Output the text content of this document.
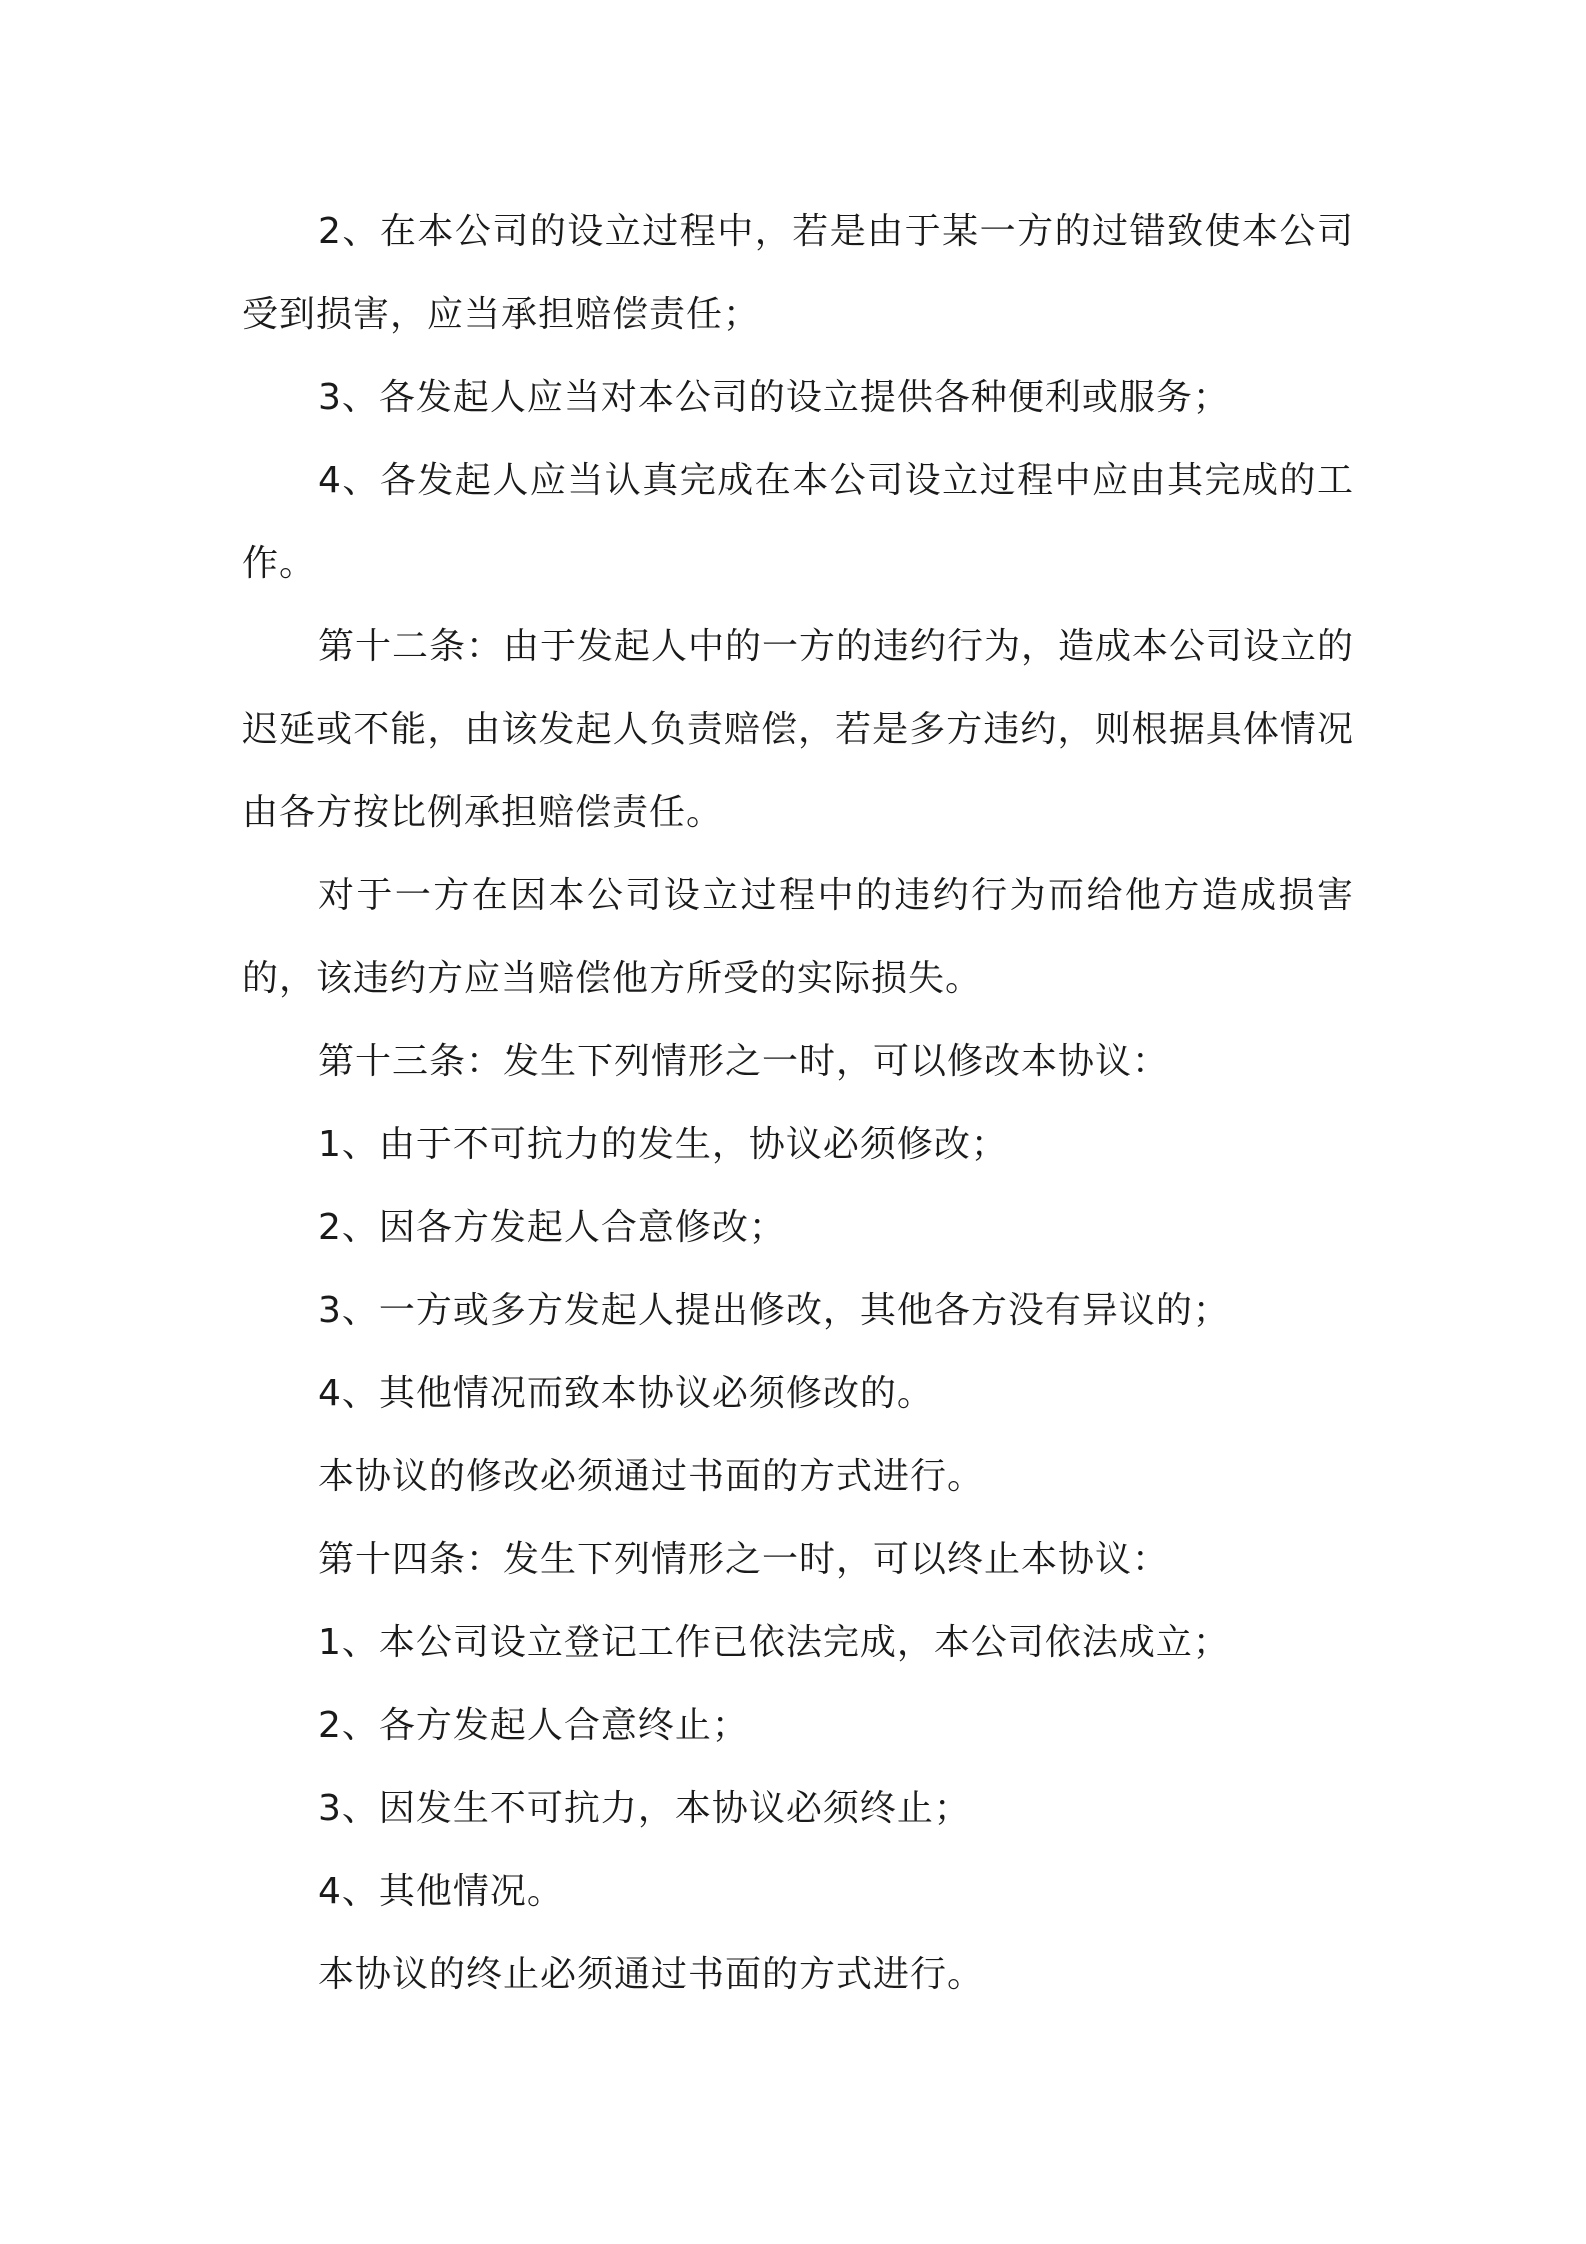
2、在本公司的设立过程中，若是由于某一方的过错致使本公司受到损害，应当承担赔偿责任；

3、各发起人应当对本公司的设立提供各种便利或服务；

4、各发起人应当认真完成在本公司设立过程中应由其完成的工作。

第十二条：由于发起人中的一方的违约行为，造成本公司设立的迟延或不能，由该发起人负责赔偿，若是多方违约，则根据具体情况由各方按比例承担赔偿责任。

对于一方在因本公司设立过程中的违约行为而给他方造成损害的，该违约方应当赔偿他方所受的实际损失。

第十三条：发生下列情形之一时，可以修改本协议：

1、由于不可抗力的发生，协议必须修改；

2、因各方发起人合意修改；

3、一方或多方发起人提出修改，其他各方没有异议的；

4、其他情况而致本协议必须修改的。

本协议的修改必须通过书面的方式进行。

第十四条：发生下列情形之一时，可以终止本协议：

1、本公司设立登记工作已依法完成，本公司依法成立；

2、各方发起人合意终止；

3、因发生不可抗力，本协议必须终止；

4、其他情况。

本协议的终止必须通过书面的方式进行。
